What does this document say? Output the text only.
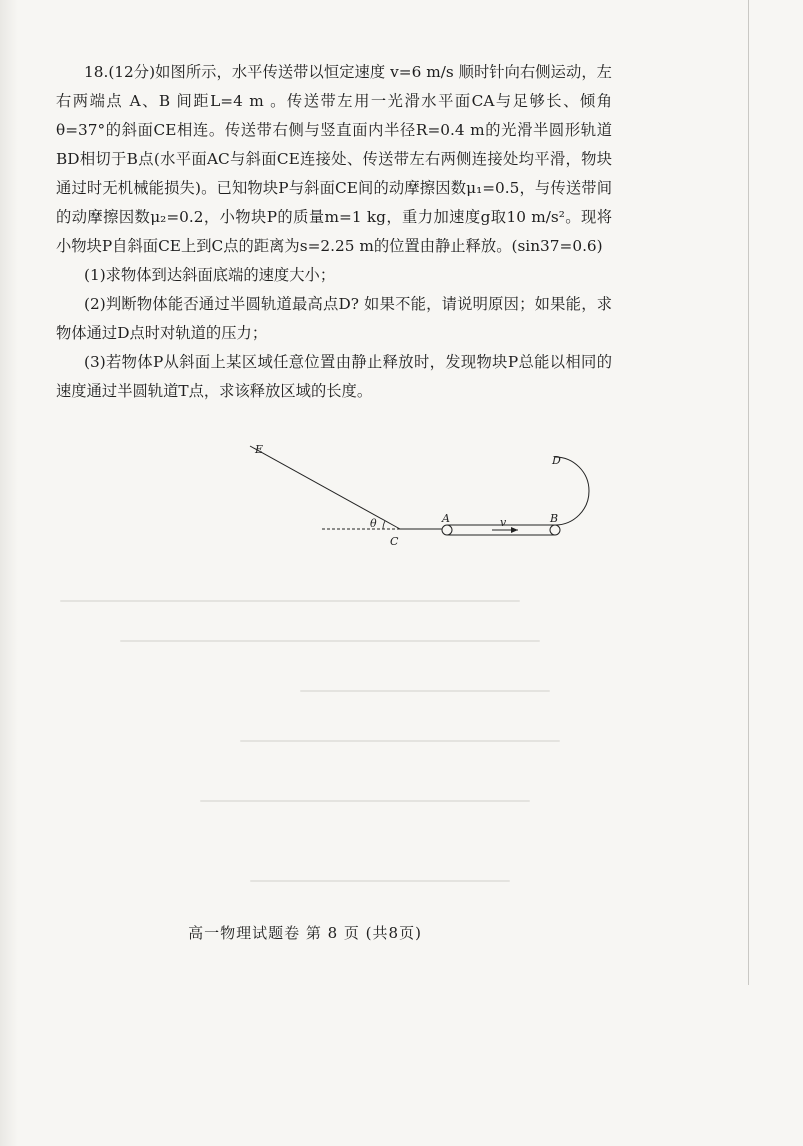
18.(12分)如图所示，水平传送带以恒定速度 v=6 m/s 顺时针向右侧运动，左右两端点 A、B 间距L=4 m 。传送带左用一光滑水平面CA与足够长、倾角θ=37°的斜面CE相连。传送带右侧与竖直面内半径R=0.4 m的光滑半圆形轨道BD相切于B点(水平面AC与斜面CE连接处、传送带左右两侧连接处均平滑，物块通过时无机械能损失)。已知物块P与斜面CE间的动摩擦因数μ₁=0.5，与传送带间的动摩擦因数μ₂=0.2，小物块P的质量m=1 kg，重力加速度g取10 m/s²。现将小物块P自斜面CE上到C点的距离为s=2.25 m的位置由静止释放。(sin37=0.6)

(1)求物体到达斜面底端的速度大小；

(2)判断物体能否通过半圆轨道最高点D? 如果不能，请说明原因；如果能，求物体通过D点时对轨道的压力；

(3)若物体P从斜面上某区域任意位置由静止释放时，发现物块P总能以相同的速度通过半圆轨道T点，求该释放区域的长度。

E
D
θ
C
A	v	B
高一物理试题卷 第 8 页 (共8页)
